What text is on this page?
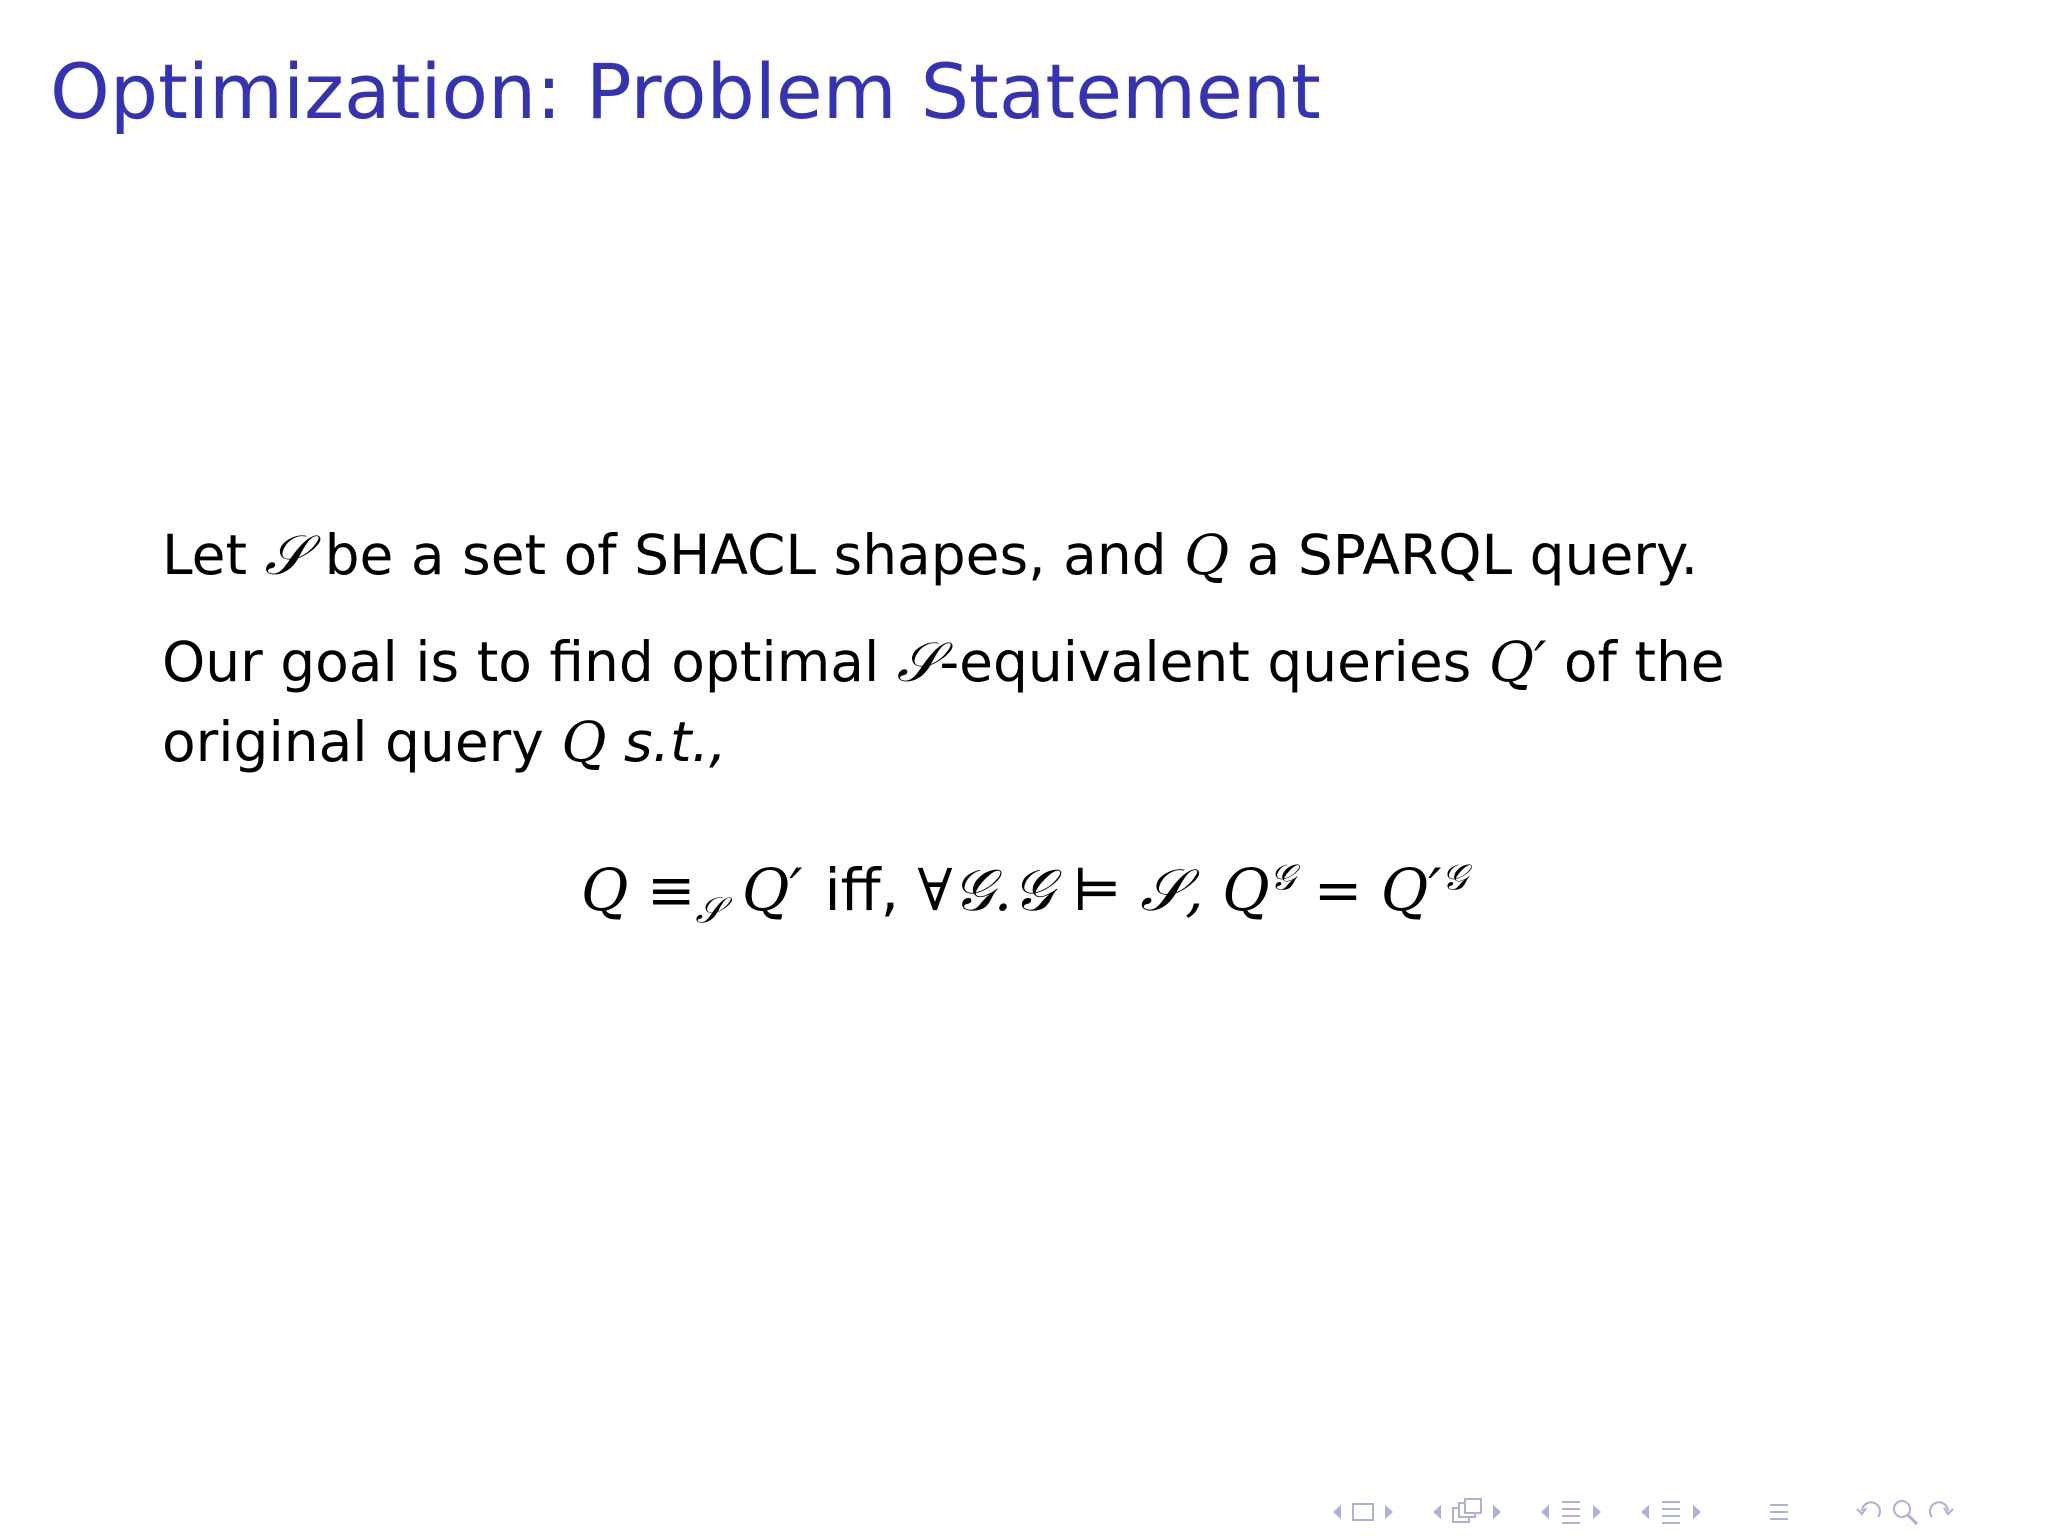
Optimization: Problem Statement

Let 𝒮 be a set of SHACL shapes, and Q a SPARQL query.

Our goal is to find optimal 𝒮-equivalent queries Q′ of the original query Q s.t.,

$Q \equiv_𝒮$ Q′ iff, ∀𝒢.𝒢 ⊨ 𝒮, $Q^𝒢 = Q'^𝒢$
